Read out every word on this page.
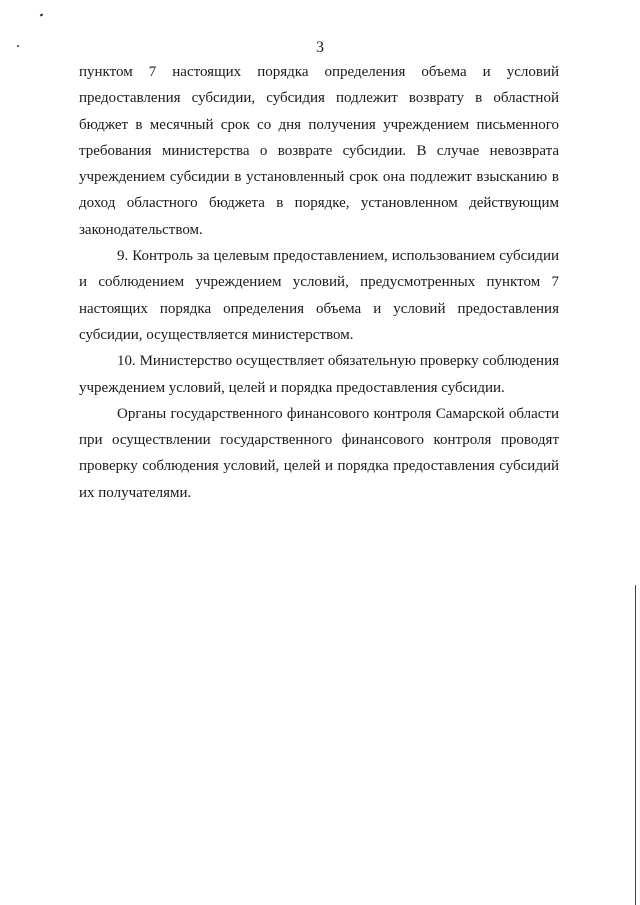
3

пунктом 7 настоящих порядка определения объема и условий предоставления субсидии, субсидия подлежит возврату в областной бюджет в месячный срок со дня получения учреждением письменного требования министерства о возврате субсидии. В случае невозврата учреждением субсидии в установленный срок она подлежит взысканию в доход областного бюджета в порядке, установленном действующим законодательством.

9. Контроль за целевым предоставлением, использованием субсидии и соблюдением учреждением условий, предусмотренных пунктом 7 настоящих порядка определения объема и условий предоставления субсидии, осуществляется министерством.

10. Министерство осуществляет обязательную проверку соблюдения учреждением условий, целей и порядка предоставления субсидии.

Органы государственного финансового контроля Самарской области при осуществлении государственного финансового контроля проводят проверку соблюдения условий, целей и порядка предоставления субсидий их получателями.
